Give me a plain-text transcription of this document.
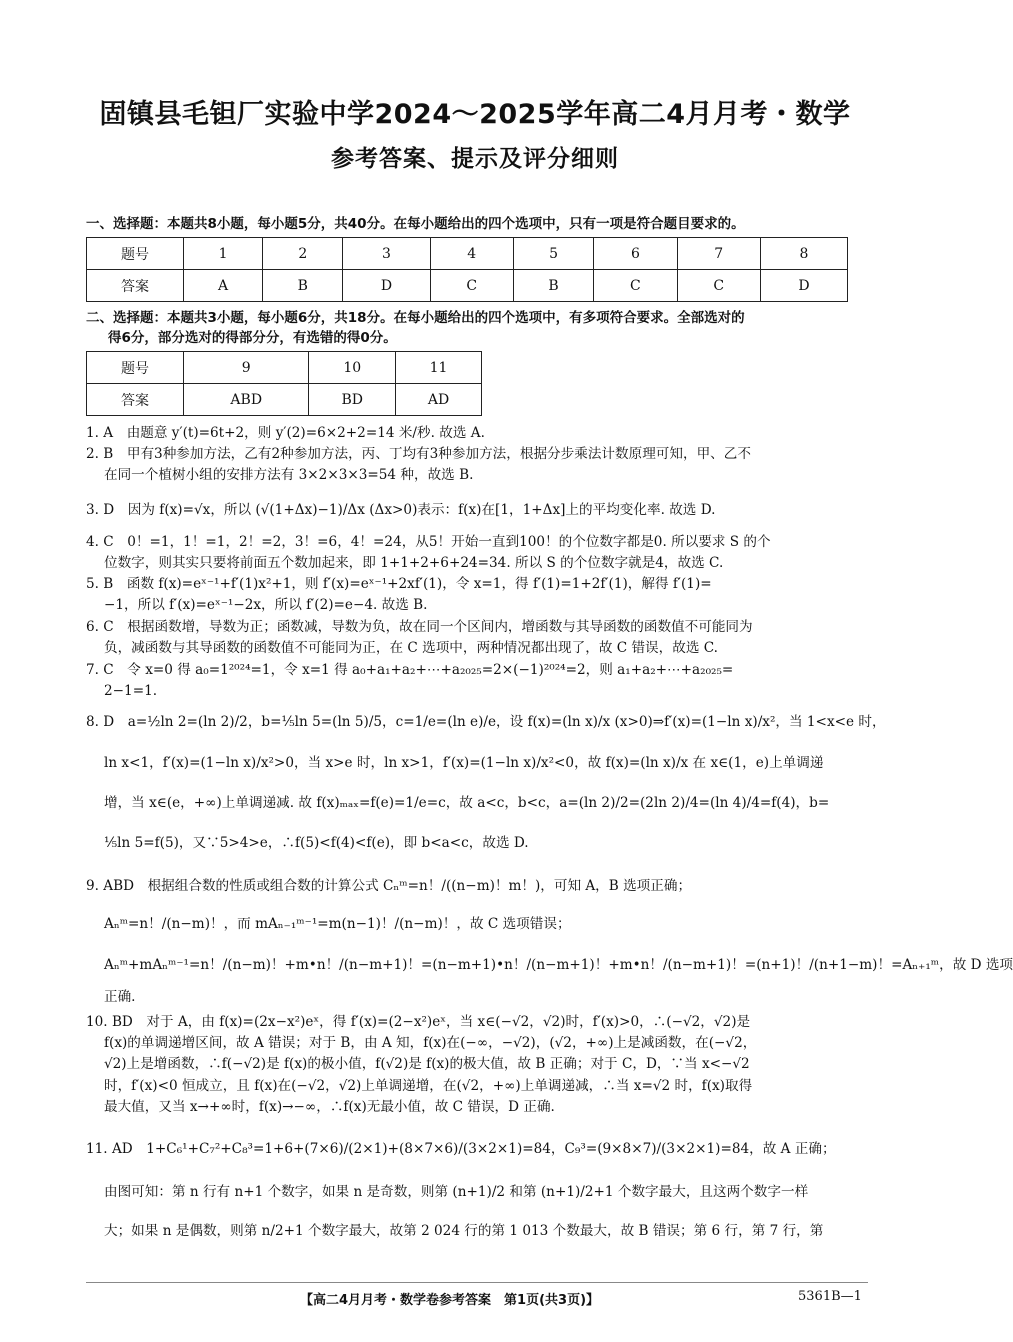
固镇县毛钽厂实验中学2024～2025学年高二4月月考・数学
参考答案、提示及评分细则
一、选择题：本题共8小题，每小题5分，共40分。在每小题给出的四个选项中，只有一项是符合题目要求的。
题号	1	2	3	4	5	6	7	8
答案	A	B	D	C	B	C	C	D
二、选择题：本题共3小题，每小题6分，共18分。在每小题给出的四个选项中，有多项符合要求。全部选对的
得6分，部分选对的得部分分，有选错的得0分。
题号	9	10	11
答案	ABD	BD	AD
1. A　由题意 y′(t)=6t+2，则 y′(2)=6×2+2=14 米/秒. 故选 A.
2. B　甲有3种参加方法，乙有2种参加方法，丙、丁均有3种参加方法，根据分步乘法计数原理可知，甲、乙不
在同一个植树小组的安排方法有 3×2×3×3=54 种，故选 B.
3. D　因为 f(x)=√x，所以 (√(1+Δx)−1)/Δx (Δx>0)表示：f(x)在[1，1+Δx]上的平均变化率. 故选 D.
4. C　0！=1，1！=1，2！=2，3！=6，4！=24，从5！开始一直到100！的个位数字都是0. 所以要求 S 的个
位数字，则其实只要将前面五个数加起来，即 1+1+2+6+24=34. 所以 S 的个位数字就是4，故选 C.
5. B　函数 f(x)=eˣ⁻¹+f′(1)x²+1，则 f′(x)=eˣ⁻¹+2xf′(1)，令 x=1，得 f′(1)=1+2f′(1)，解得 f′(1)=
−1，所以 f′(x)=eˣ⁻¹−2x，所以 f′(2)=e−4. 故选 B.
6. C　根据函数增，导数为正；函数减，导数为负，故在同一个区间内，增函数与其导函数的函数值不可能同为
负，减函数与其导函数的函数值不可能同为正，在 C 选项中，两种情况都出现了，故 C 错误，故选 C.
7. C　令 x=0 得 a₀=1²⁰²⁴=1，令 x=1 得 a₀+a₁+a₂+⋯+a₂₀₂₅=2×(−1)²⁰²⁴=2，则 a₁+a₂+⋯+a₂₀₂₅=
2−1=1.
8. D　a=½ln 2=(ln 2)/2，b=⅕ln 5=(ln 5)/5，c=1/e=(ln e)/e，设 f(x)=(ln x)/x (x>0)⇒f′(x)=(1−ln x)/x²，当 1<x<e 时，
ln x<1，f′(x)=(1−ln x)/x²>0，当 x>e 时，ln x>1，f′(x)=(1−ln x)/x²<0，故 f(x)=(ln x)/x 在 x∈(1，e)上单调递
增，当 x∈(e，+∞)上单调递减. 故 f(x)ₘₐₓ=f(e)=1/e=c，故 a<c，b<c，a=(ln 2)/2=(2ln 2)/4=(ln 4)/4=f(4)，b=
⅕ln 5=f(5)，又∵5>4>e，∴f(5)<f(4)<f(e)，即 b<a<c，故选 D.
9. ABD　根据组合数的性质或组合数的计算公式 Cₙᵐ=n！/((n−m)！m！)，可知 A，B 选项正确；
Aₙᵐ=n！/(n−m)！，而 mAₙ₋₁ᵐ⁻¹=m(n−1)！/(n−m)！，故 C 选项错误；
Aₙᵐ+mAₙᵐ⁻¹=n！/(n−m)！+m•n！/(n−m+1)！=(n−m+1)•n！/(n−m+1)！+m•n！/(n−m+1)！=(n+1)！/(n+1−m)！=Aₙ₊₁ᵐ，故 D 选项
正确.
10. BD　对于 A，由 f(x)=(2x−x²)eˣ，得 f′(x)=(2−x²)eˣ，当 x∈(−√2，√2)时，f′(x)>0，∴(−√2，√2)是
f(x)的单调递增区间，故 A 错误；对于 B，由 A 知，f(x)在(−∞，−√2)，(√2，+∞)上是减函数，在(−√2，
√2)上是增函数，∴f(−√2)是 f(x)的极小值，f(√2)是 f(x)的极大值，故 B 正确；对于 C，D，∵当 x<−√2
时，f′(x)<0 恒成立，且 f(x)在(−√2，√2)上单调递增，在(√2，+∞)上单调递减，∴当 x=√2 时，f(x)取得
最大值，又当 x→+∞时，f(x)→−∞，∴f(x)无最小值，故 C 错误，D 正确.
11. AD　1+C₆¹+C₇²+C₈³=1+6+(7×6)/(2×1)+(8×7×6)/(3×2×1)=84，C₉³=(9×8×7)/(3×2×1)=84，故 A 正确；
由图可知：第 n 行有 n+1 个数字，如果 n 是奇数，则第 (n+1)/2 和第 (n+1)/2+1 个数字最大，且这两个数字一样
大；如果 n 是偶数，则第 n/2+1 个数字最大，故第 2 024 行的第 1 013 个数最大，故 B 错误；第 6 行，第 7 行，第
【高二4月月考・数学卷参考答案　第1页(共3页)】	5361B—1
